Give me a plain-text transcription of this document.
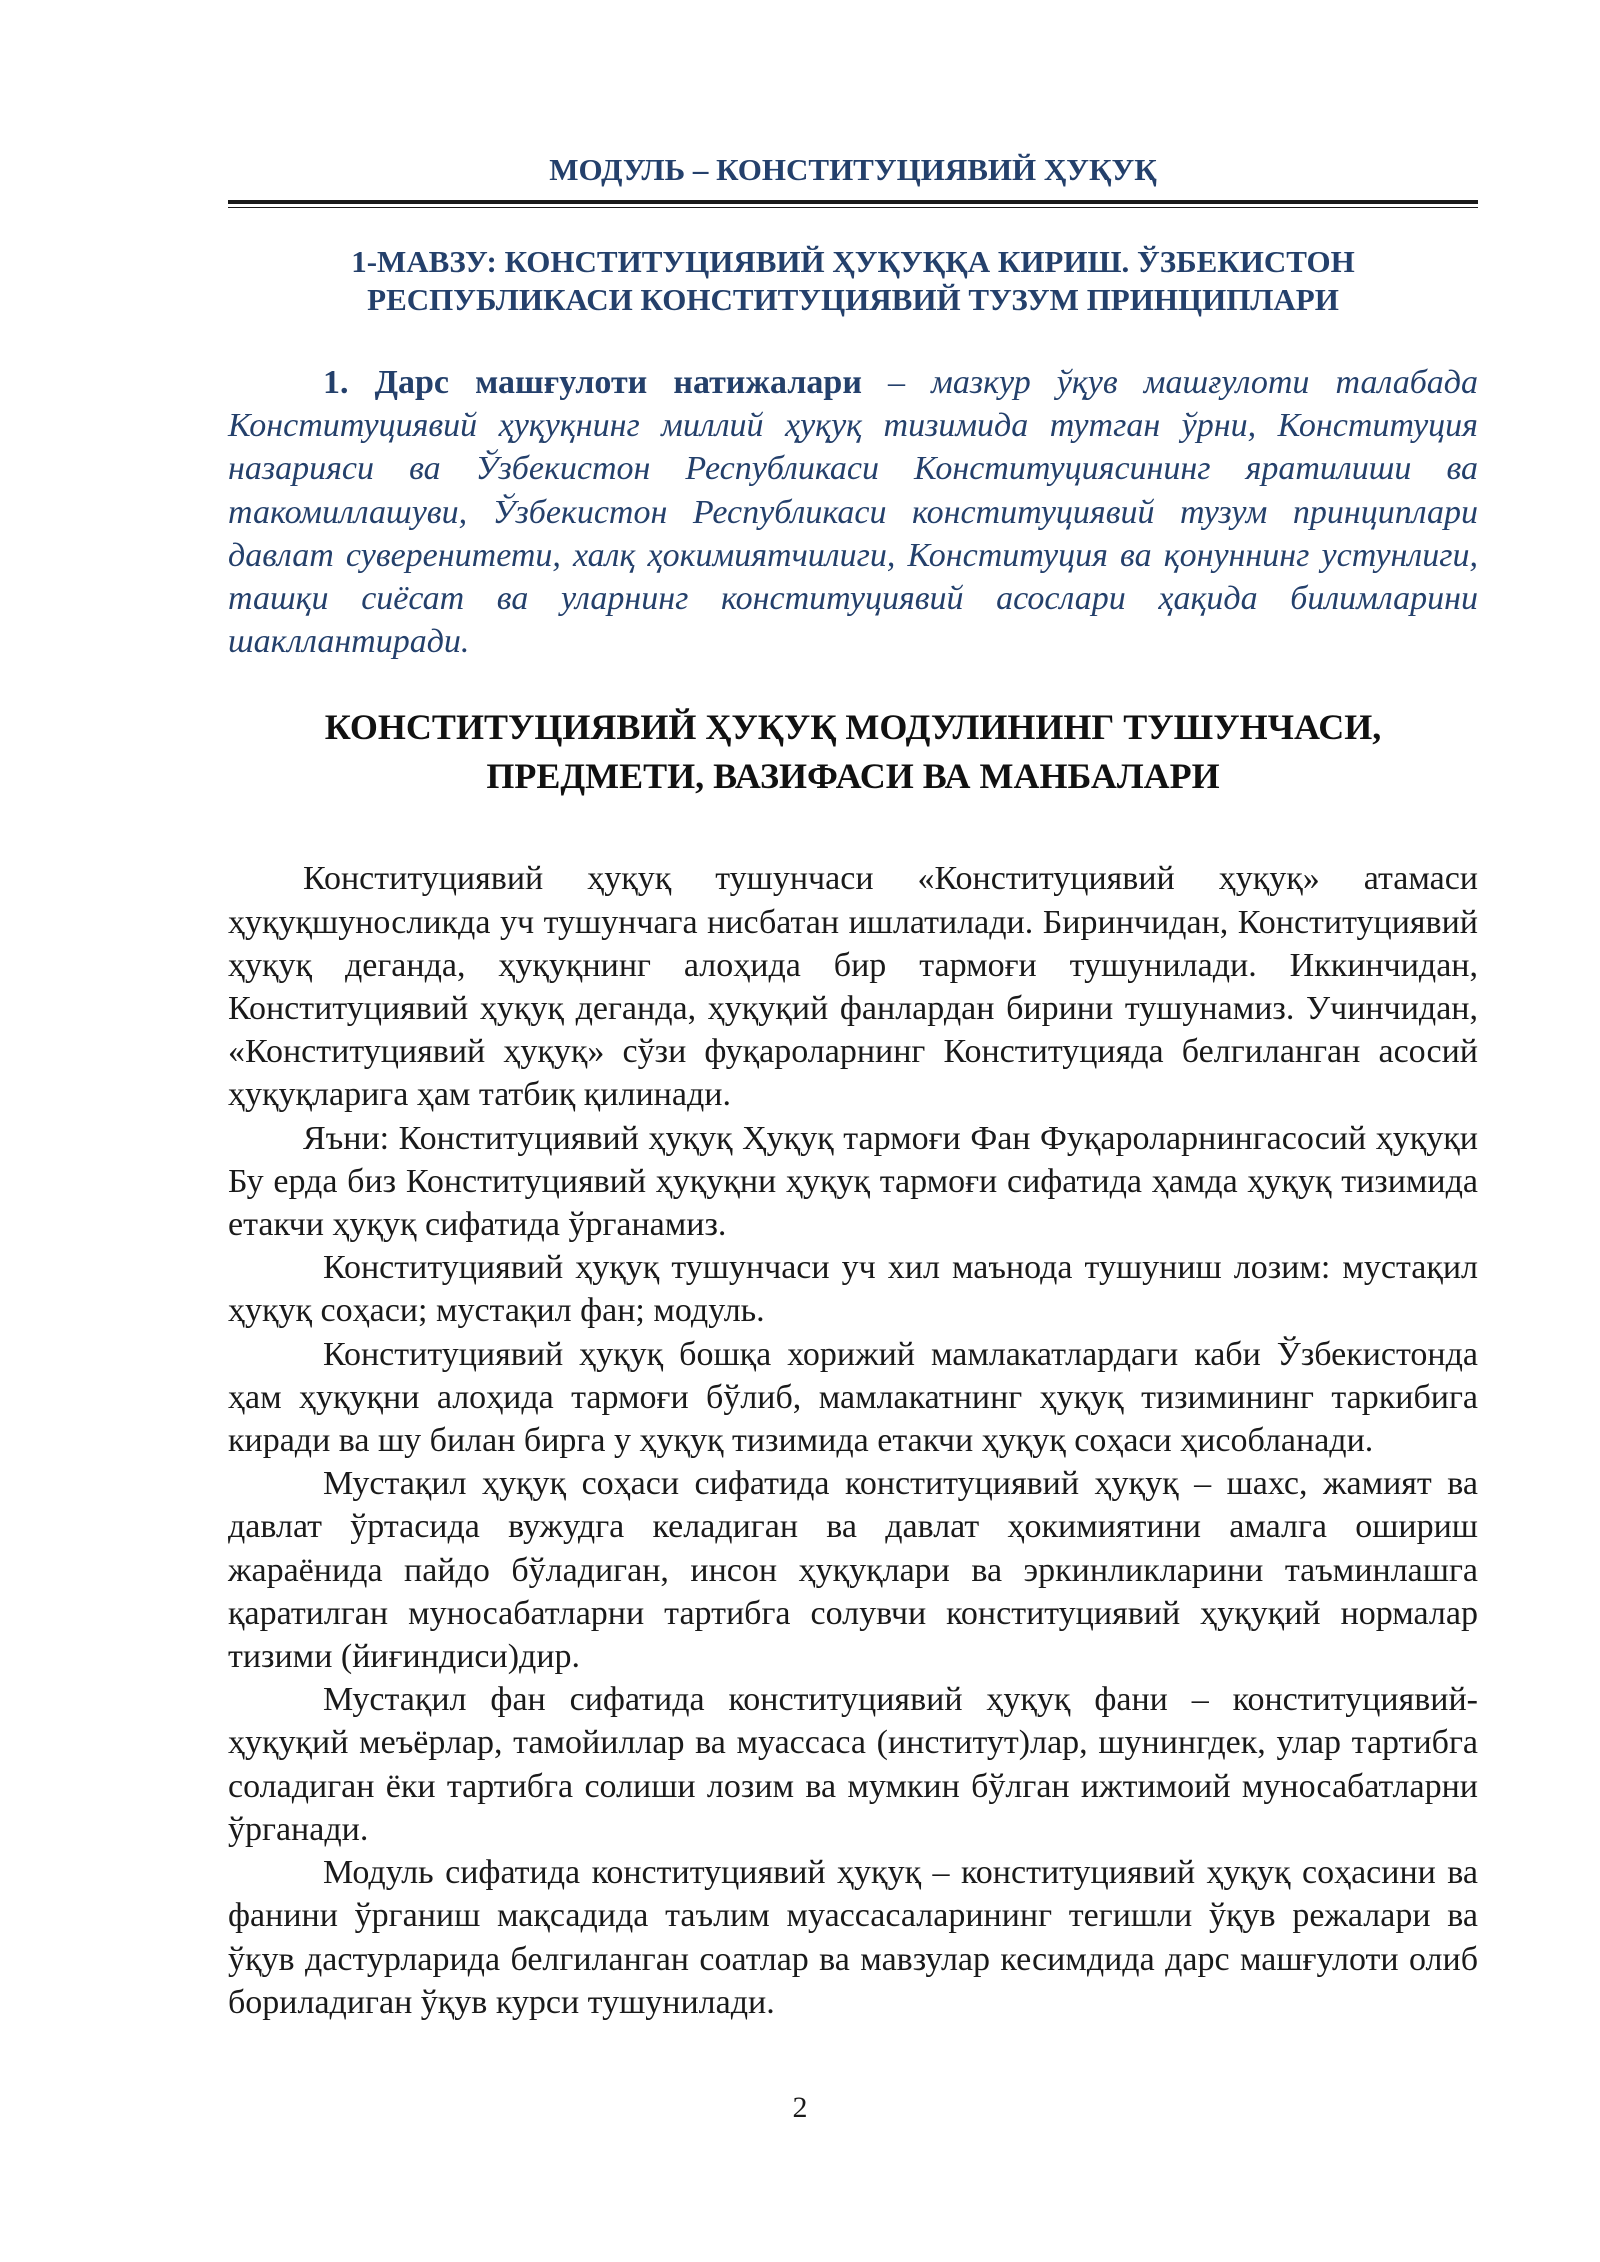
МОДУЛЬ – КОНСТИТУЦИЯВИЙ ҲУҚУҚ

1-МАВЗУ: КОНСТИТУЦИЯВИЙ ҲУҚУҚҚА КИРИШ. ЎЗБЕКИСТОН
РЕСПУБЛИКАСИ КОНСТИТУЦИЯВИЙ ТУЗУМ ПРИНЦИПЛАРИ

1. Дарс машғулоти натижалари – мазкур ўқув машғулоти талабада Конституциявий ҳуқуқнинг миллий ҳуқуқ тизимида тутган ўрни, Конституция назарияси ва Ўзбекистон Республикаси Конституциясининг яратилиши ва такомиллашуви, Ўзбекистон Республикаси конституциявий тузум принциплари давлат суверенитети, халқ ҳокимиятчилиги, Конституция ва қонуннинг устунлиги, ташқи сиёсат ва уларнинг конституциявий асослари ҳақида билимларини шакллантиради.

КОНСТИТУЦИЯВИЙ ҲУҚУҚ МОДУЛИНИНГ ТУШУНЧАСИ,
ПРЕДМЕТИ, ВАЗИФАСИ ВА МАНБАЛАРИ

Конституциявий ҳуқуқ тушунчаси «Конституциявий ҳуқуқ» атамаси ҳуқуқшуносликда уч тушунчага нисбатан ишлатилади. Биринчидан, Конституциявий ҳуқуқ деганда, ҳуқуқнинг алоҳида бир тармоғи тушунилади. Иккинчидан, Конституциявий ҳуқуқ деганда, ҳуқуқий фанлардан бирини тушунамиз. Учинчидан, «Конституциявий ҳуқуқ» сўзи фуқароларнинг Конституцияда белгиланган асосий ҳуқуқларига ҳам татбиқ қилинади.

Яъни: Конституциявий ҳуқуқ Ҳуқуқ тармоғи Фан Фуқароларнингасосий ҳуқуқи Бу ерда биз Конституциявий ҳуқуқни ҳуқуқ тармоғи сифатида ҳамда ҳуқуқ тизимида етакчи ҳуқуқ сифатида ўрганамиз.

Конституциявий ҳуқуқ тушунчаси уч хил маънода тушуниш лозим: мустақил ҳуқуқ соҳаси; мустақил фан; модуль.

Конституциявий ҳуқуқ бошқа хорижий мамлакатлардаги каби Ўзбекистонда ҳам ҳуқуқни алоҳида тармоғи бўлиб, мамлакатнинг ҳуқуқ тизимининг таркибига киради ва шу билан бирга у ҳуқуқ тизимида етакчи ҳуқуқ соҳаси ҳисобланади.

Мустақил ҳуқуқ соҳаси сифатида конституциявий ҳуқуқ – шахс, жамият ва давлат ўртасида вужудга келадиган ва давлат ҳокимиятини амалга ошириш жараёнида пайдо бўладиган, инсон ҳуқуқлари ва эркинликларини таъминлашга қаратилган муносабатларни тартибга солувчи конституциявий ҳуқуқий нормалар тизими (йиғиндиси)дир.

Мустақил фан сифатида конституциявий ҳуқуқ фани – конституциявий-ҳуқуқий меъёрлар, тамойиллар ва муассаса (институт)лар, шунингдек, улар тартибга соладиган ёки тартибга солиши лозим ва мумкин бўлган ижтимоий муносабатларни ўрганади.

Модуль сифатида конституциявий ҳуқуқ – конституциявий ҳуқуқ соҳасини ва фанини ўрганиш мақсадида таълим муассасаларининг тегишли ўқув режалари ва ўқув дастурларида белгиланган соатлар ва мавзулар кесимдида дарс машғулоти олиб бориладиган ўқув курси тушунилади.

2
